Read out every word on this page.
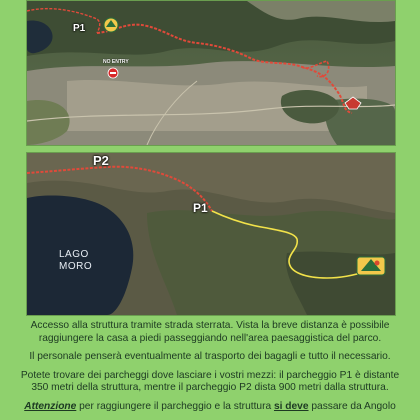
P1
NO ENTRY
P2
P1
LAGO
MORO

Accesso alla struttura tramite strada sterrata. Vista la breve distanza è possibile raggiungere la casa a piedi passeggiando nell'area paesaggistica del parco.

Il personale penserà eventualmente al trasporto dei bagagli e tutto il necessario.

Potete trovare dei parcheggi dove lasciare i vostri mezzi: il parcheggio P1 è distante 350 metri della struttura, mentre il parcheggio P2 dista 900 metri dalla struttura.

Attenzione per raggiungere il parcheggio e la struttura si deve passare da Angolo
